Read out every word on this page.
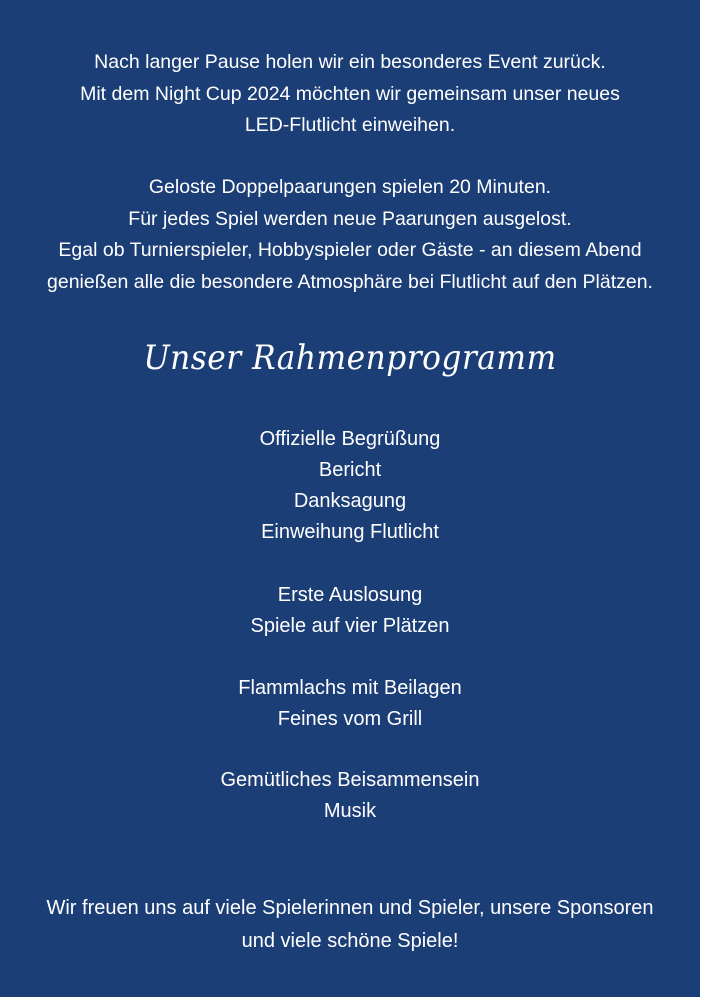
Nach langer Pause holen wir ein besonderes Event zurück.
Mit dem Night Cup 2024 möchten wir gemeinsam unser neues
LED-Flutlicht einweihen.
Geloste Doppelpaarungen spielen 20 Minuten.
Für jedes Spiel werden neue Paarungen ausgelost.
Egal ob Turnierspieler, Hobbyspieler oder Gäste - an diesem Abend
genießen alle die besondere Atmosphäre bei Flutlicht auf den Plätzen.
Unser Rahmenprogramm
Offizielle Begrüßung
Bericht
Danksagung
Einweihung Flutlicht
Erste Auslosung
Spiele auf vier Plätzen
Flammlachs mit Beilagen
Feines vom Grill
Gemütliches Beisammensein
Musik
Wir freuen uns auf viele Spielerinnen und Spieler, unsere Sponsoren
und viele schöne Spiele!
